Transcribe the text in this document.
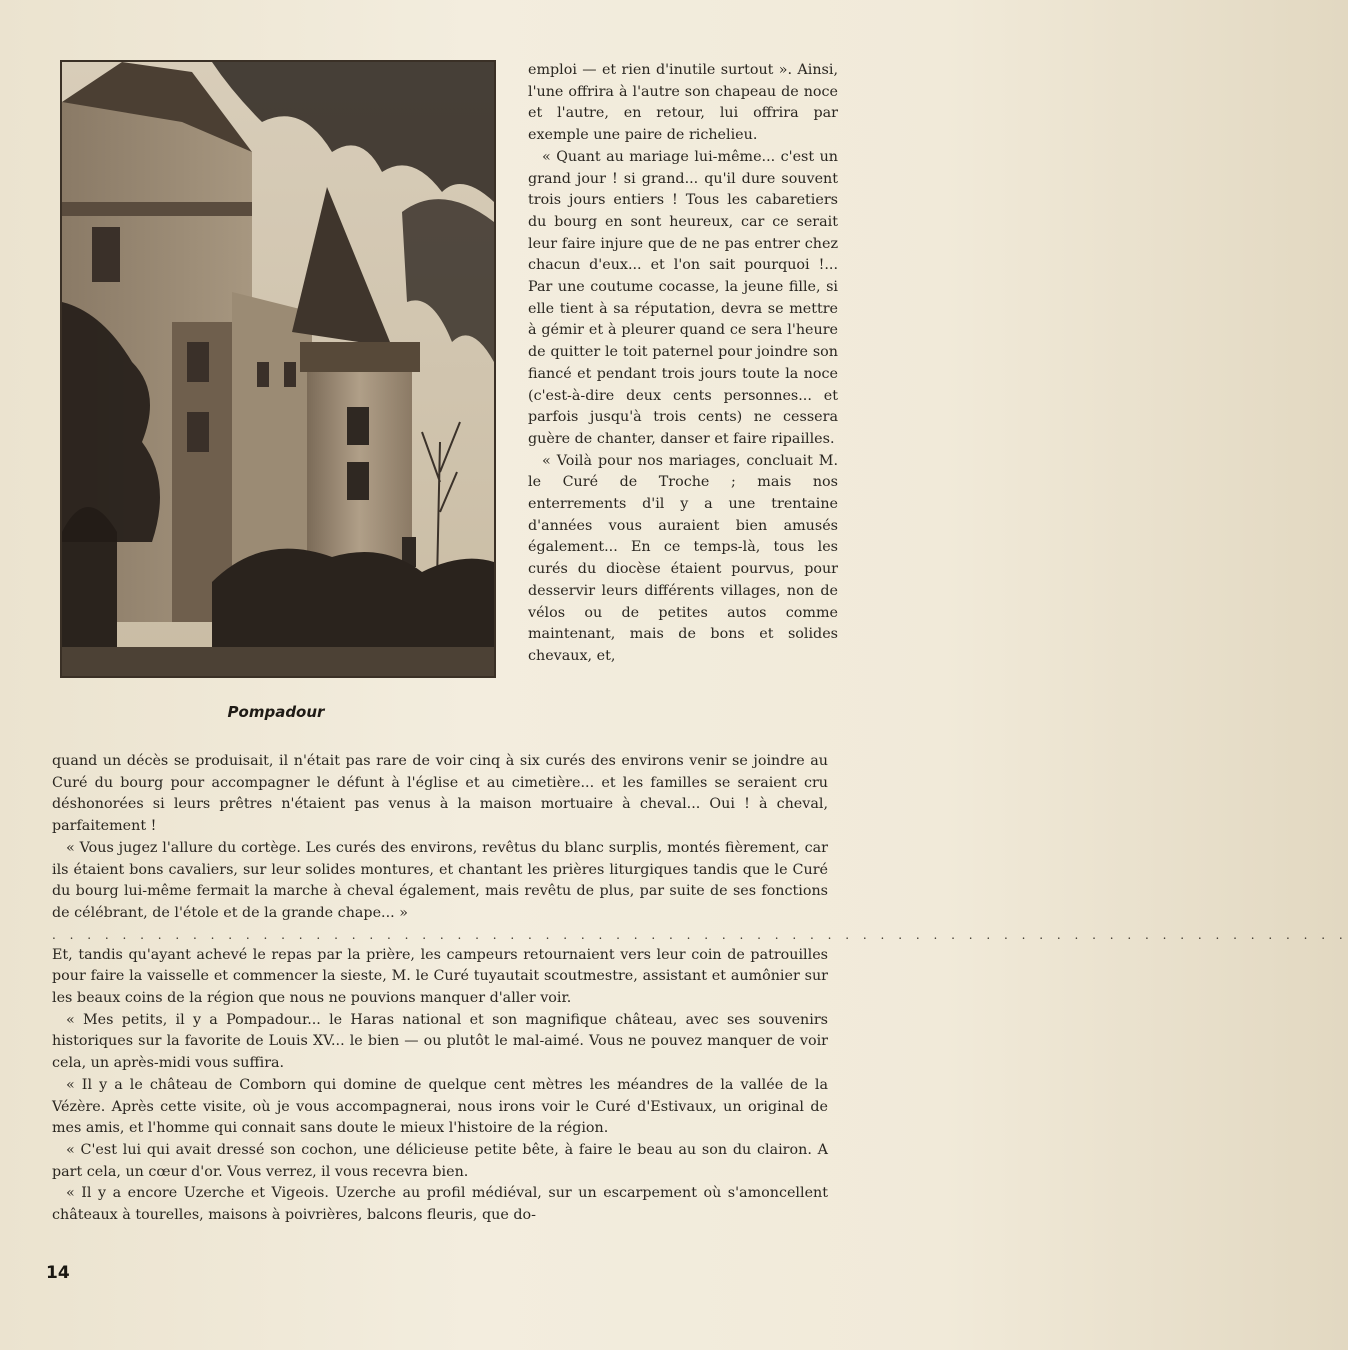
Pompadour

emploi — et rien d'inutile surtout ». Ainsi, l'une offrira à l'autre son chapeau de noce et l'autre, en retour, lui offrira par exemple une paire de richelieu.

« Quant au mariage lui-même... c'est un grand jour ! si grand... qu'il dure souvent trois jours entiers ! Tous les cabaretiers du bourg en sont heureux, car ce serait leur faire injure que de ne pas entrer chez chacun d'eux... et l'on sait pourquoi !... Par une coutume cocasse, la jeune fille, si elle tient à sa réputation, devra se mettre à gémir et à pleurer quand ce sera l'heure de quitter le toit paternel pour joindre son fiancé et pendant trois jours toute la noce (c'est-à-dire deux cents personnes... et parfois jusqu'à trois cents) ne cessera guère de chanter, danser et faire ripailles.

« Voilà pour nos mariages, concluait M. le Curé de Troche ; mais nos enterrements d'il y a une trentaine d'années vous auraient bien amusés également... En ce temps-là, tous les curés du diocèse étaient pourvus, pour desservir leurs différents villages, non de vélos ou de petites autos comme maintenant, mais de bons et solides chevaux, et,

quand un décès se produisait, il n'était pas rare de voir cinq à six curés des environs venir se joindre au Curé du bourg pour accompagner le défunt à l'église et au cimetière... et les familles se seraient cru déshonorées si leurs prêtres n'étaient pas venus à la maison mortuaire à cheval... Oui ! à cheval, parfaitement !

« Vous jugez l'allure du cortège. Les curés des environs, revêtus du blanc surplis, montés fièrement, car ils étaient bons cavaliers, sur leur solides montures, et chantant les prières liturgiques tandis que le Curé du bourg lui-même fermait la marche à cheval également, mais revêtu de plus, par suite de ses fonctions de célébrant, de l'étole et de la grande chape... »

. . . . . . . . . . . . . . . . . . . . . . . . . . . . . . . . . . . . . . . . . . . . . . . . . . . . . . . . . . . . . . . . . . . . . . . . . .

Et, tandis qu'ayant achevé le repas par la prière, les campeurs retournaient vers leur coin de patrouilles pour faire la vaisselle et commencer la sieste, M. le Curé tuyautait scoutmestre, assistant et aumônier sur les beaux coins de la région que nous ne pouvions manquer d'aller voir.

« Mes petits, il y a Pompadour... le Haras national et son magnifique château, avec ses souvenirs historiques sur la favorite de Louis XV... le bien — ou plutôt le mal-aimé. Vous ne pouvez manquer de voir cela, un après-midi vous suffira.

« Il y a le château de Comborn qui domine de quelque cent mètres les méandres de la vallée de la Vézère. Après cette visite, où je vous accompagnerai, nous irons voir le Curé d'Estivaux, un original de mes amis, et l'homme qui connait sans doute le mieux l'histoire de la région.

« C'est lui qui avait dressé son cochon, une délicieuse petite bête, à faire le beau au son du clairon. A part cela, un cœur d'or. Vous verrez, il vous recevra bien.

« Il y a encore Uzerche et Vigeois. Uzerche au profil médiéval, sur un escarpement où s'amoncellent châteaux à tourelles, maisons à poivrières, balcons fleuris, que do-

14
